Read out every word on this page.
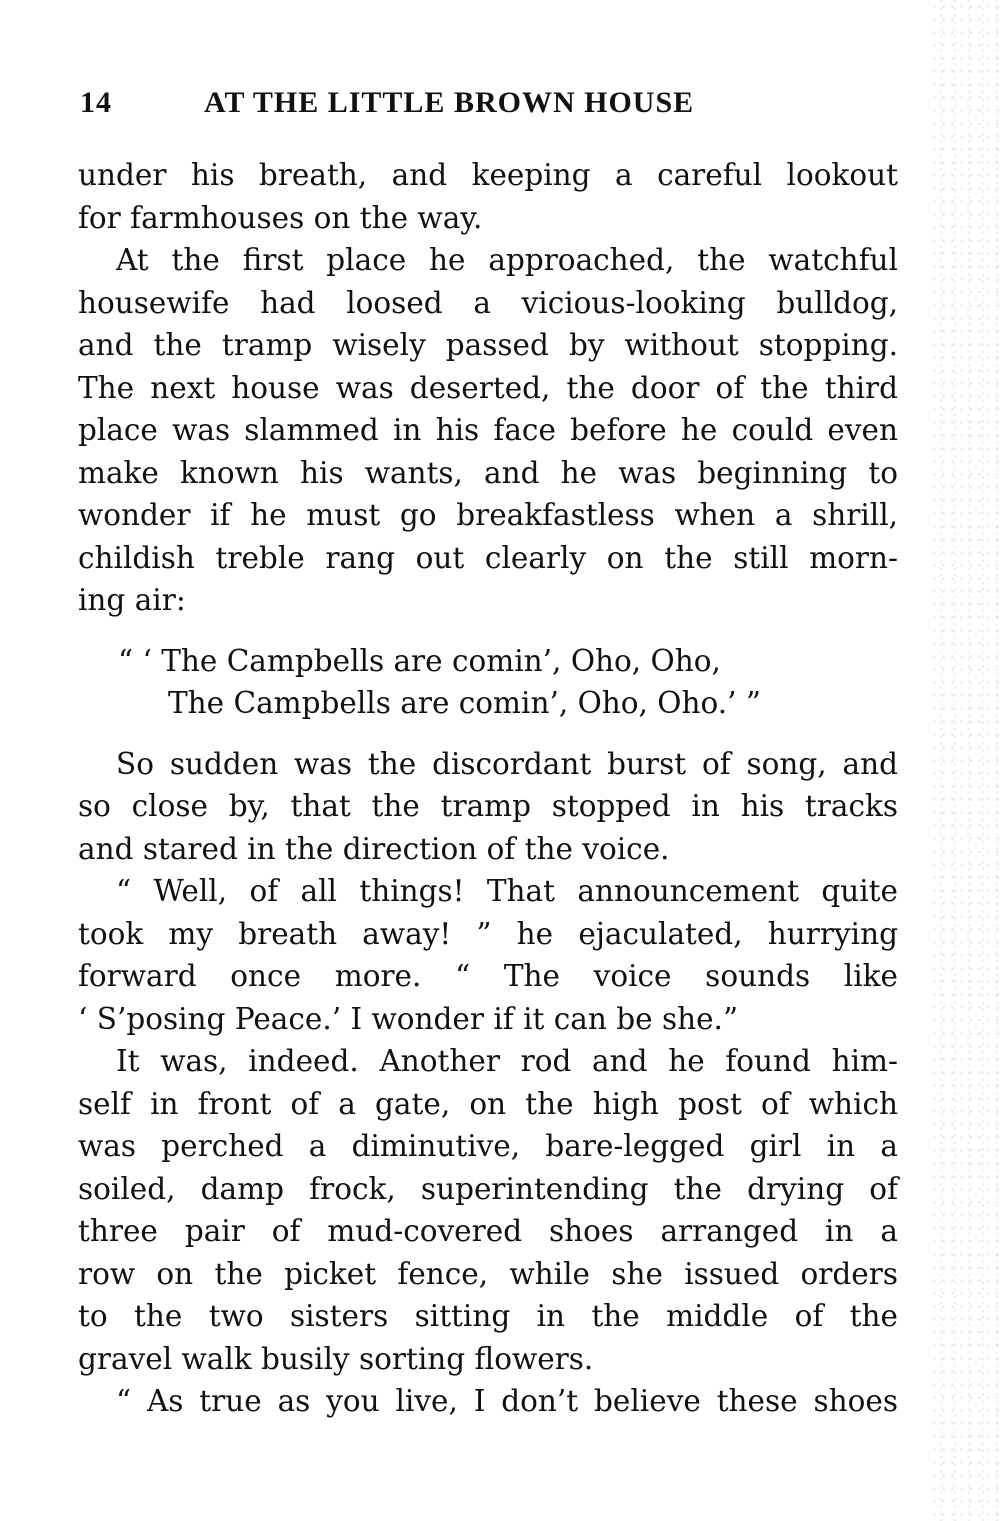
14	AT THE LITTLE BROWN HOUSE
under his breath, and keeping a careful lookout
for farmhouses on the way.
At the first place he approached, the watchful
housewife had loosed a vicious-looking bulldog,
and the tramp wisely passed by without stopping.
The next house was deserted, the door of the third
place was slammed in his face before he could even
make known his wants, and he was beginning to
wonder if he must go breakfastless when a shrill,
childish treble rang out clearly on the still morn-
ing air:
“ ‘ The Campbells are comin’, Oho, Oho,
The Campbells are comin’, Oho, Oho.’ ”
So sudden was the discordant burst of song, and
so close by, that the tramp stopped in his tracks
and stared in the direction of the voice.
“ Well, of all things! That announcement quite
took my breath away! ” he ejaculated, hurrying
forward once more. “ The voice sounds like
‘ S’posing Peace.’ I wonder if it can be she.”
It was, indeed. Another rod and he found him-
self in front of a gate, on the high post of which
was perched a diminutive, bare-legged girl in a
soiled, damp frock, superintending the drying of
three pair of mud-covered shoes arranged in a
row on the picket fence, while she issued orders
to the two sisters sitting in the middle of the
gravel walk busily sorting flowers.
“ As true as you live, I don’t believe these shoes
